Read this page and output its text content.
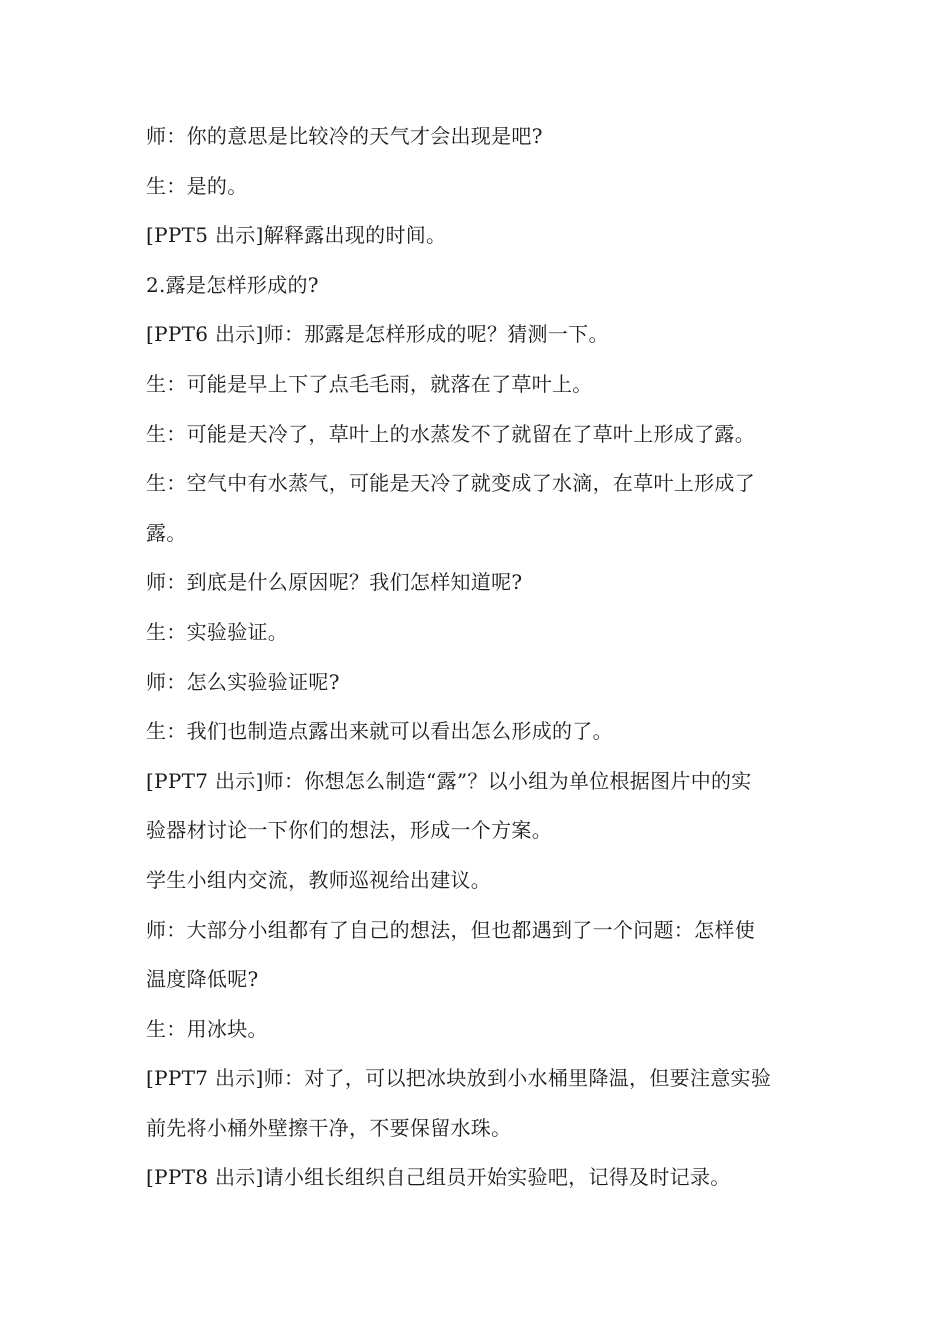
师：你的意思是比较冷的天气才会出现是吧?
生：是的。
[PPT5 出示]解释露出现的时间。
2.露是怎样形成的?
[PPT6 出示]师：那露是怎样形成的呢？猜测一下。
生：可能是早上下了点毛毛雨，就落在了草叶上。
生：可能是天冷了，草叶上的水蒸发不了就留在了草叶上形成了露。
生：空气中有水蒸气，可能是天冷了就变成了水滴，在草叶上形成了
露。
师：到底是什么原因呢？我们怎样知道呢?
生：实验验证。
师：怎么实验验证呢?
生：我们也制造点露出来就可以看出怎么形成的了。
[PPT7 出示]师：你想怎么制造“露”？以小组为单位根据图片中的实
验器材讨论一下你们的想法，形成一个方案。
学生小组内交流，教师巡视给出建议。
师：大部分小组都有了自己的想法，但也都遇到了一个问题：怎样使
温度降低呢?
生：用冰块。
[PPT7 出示]师：对了，可以把冰块放到小水桶里降温，但要注意实验
前先将小桶外壁擦干净，不要保留水珠。
[PPT8 出示]请小组长组织自己组员开始实验吧，记得及时记录。
